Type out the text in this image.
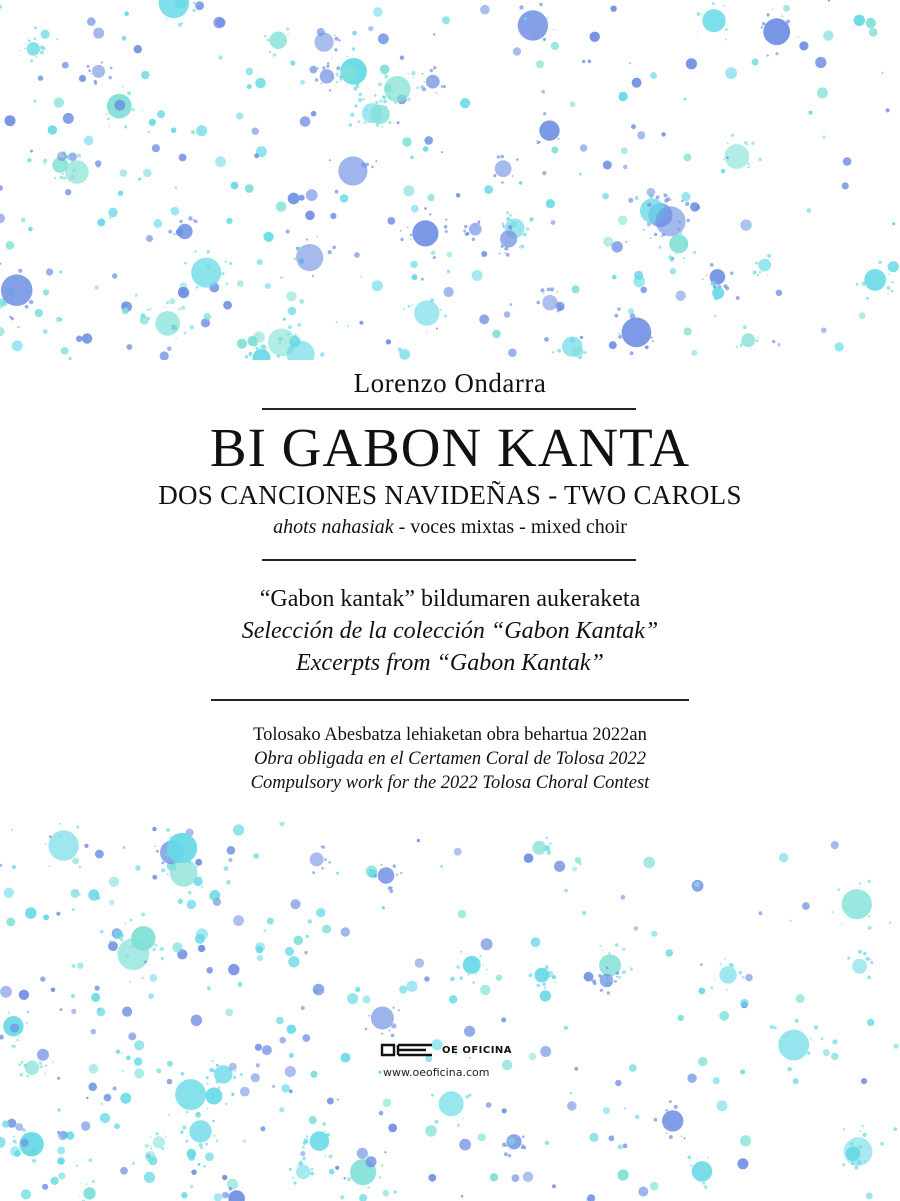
Lorenzo Ondarra

BI GABON KANTA

DOS CANCIONES NAVIDEÑAS - TWO CAROLS

ahots nahasiak - voces mixtas - mixed choir

“Gabon kantak” bildumaren aukeraketa

Selección de la colección “Gabon Kantak”

Excerpts from “Gabon Kantak”

Tolosako Abesbatza lehiaketan obra behartua 2022an

Obra obligada en el Certamen Coral de Tolosa 2022

Compulsory work for the 2022 Tolosa Choral Contest

OE OFICINA
www.oeoficina.com
